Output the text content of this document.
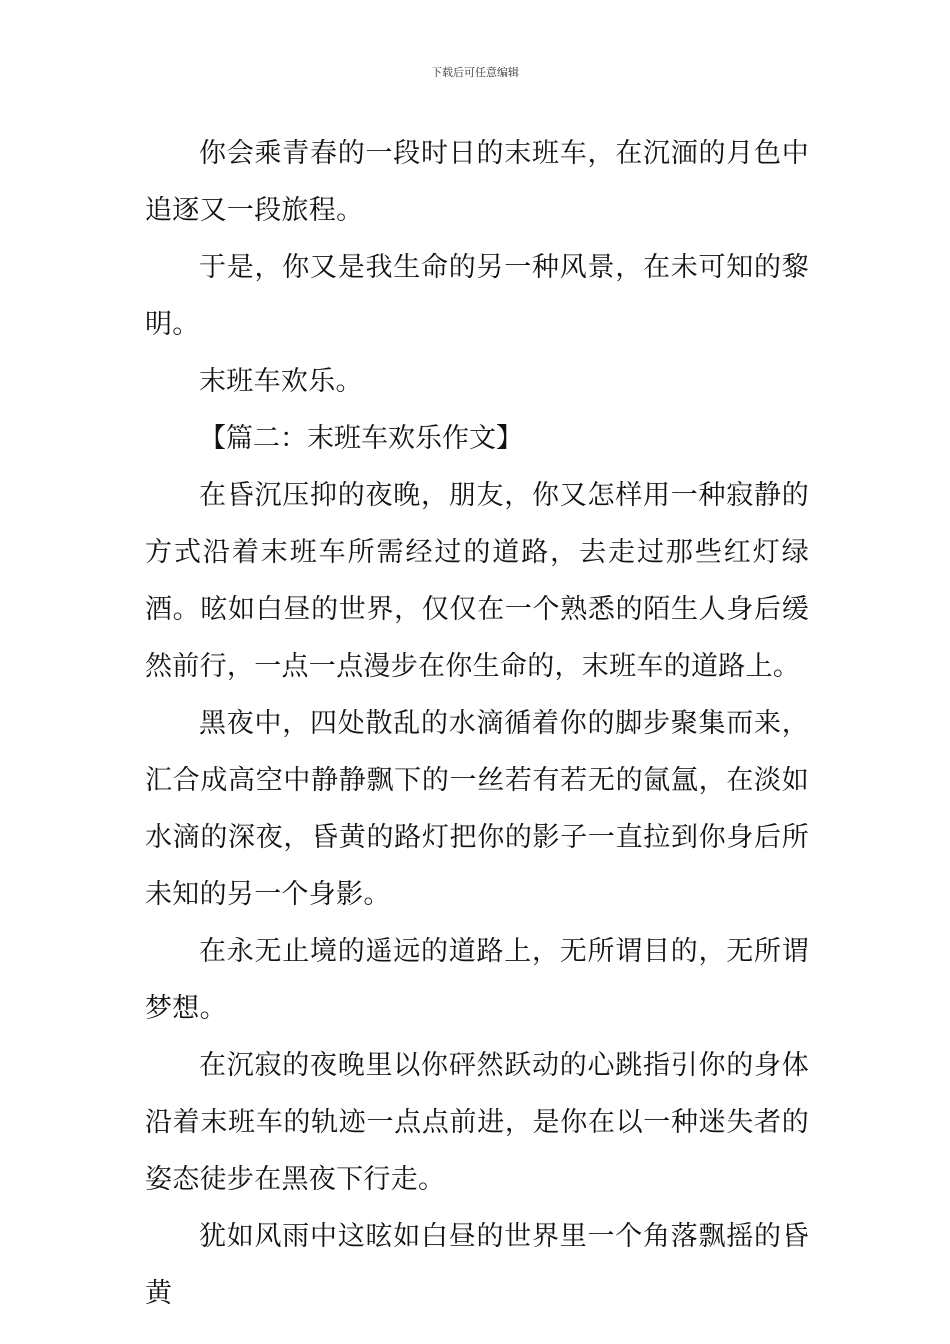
下载后可任意编辑

你会乘青春的一段时日的末班车，在沉湎的月色中追逐又一段旅程。

于是，你又是我生命的另一种风景，在未可知的黎明。

末班车欢乐。

【篇二：末班车欢乐作文】

在昏沉压抑的夜晚，朋友，你又怎样用一种寂静的方式沿着末班车所需经过的道路，去走过那些红灯绿酒。昡如白昼的世界，仅仅在一个熟悉的陌生人身后缓然前行，一点一点漫步在你生命的，末班车的道路上。

黑夜中，四处散乱的水滴循着你的脚步聚集而来，汇合成高空中静静飘下的一丝若有若无的氤氲，在淡如水滴的深夜，昏黄的路灯把你的影子一直拉到你身后所未知的另一个身影。

在永无止境的遥远的道路上，无所谓目的，无所谓梦想。

在沉寂的夜晚里以你砰然跃动的心跳指引你的身体沿着末班车的轨迹一点点前进，是你在以一种迷失者的姿态徒步在黑夜下行走。

犹如风雨中这昡如白昼的世界里一个角落飘摇的昏黄
